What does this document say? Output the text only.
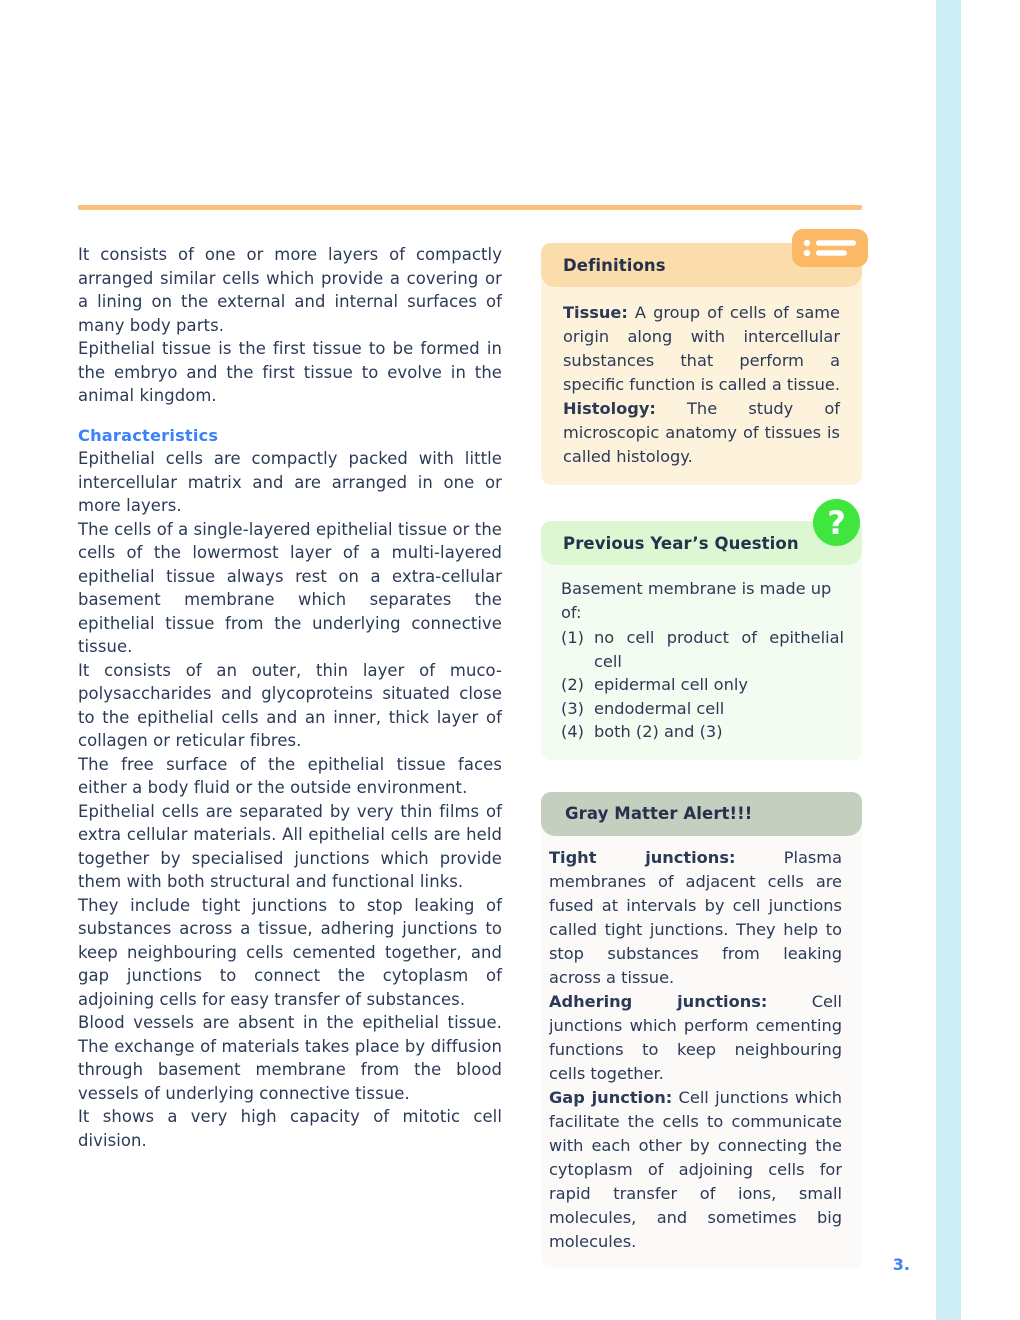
It consists of one or more layers of compactly arranged similar cells which provide a covering or a lining on the external and internal surfaces of many body parts.

Epithelial tissue is the first tissue to be formed in the embryo and the first tissue to evolve in the animal kingdom.

Characteristics

Epithelial cells are compactly packed with little intercellular matrix and are arranged in one or more layers.

The cells of a single-layered epithelial tissue or the cells of the lowermost layer of a multi-layered epithelial tissue always rest on a extra-cellular basement membrane which separates the epithelial tissue from the underlying connective tissue.

It consists of an outer, thin layer of muco-polysaccharides and glycoproteins situated close to the epithelial cells and an inner, thick layer of collagen or reticular fibres.

The free surface of the epithelial tissue faces either a body fluid or the outside environment.

Epithelial cells are separated by very thin films of extra cellular materials. All epithelial cells are held together by specialised junctions which provide them with both structural and functional links.

They include tight junctions to stop leaking of substances across a tissue, adhering junctions to keep neighbouring cells cemented together, and gap junctions to connect the cytoplasm of adjoining cells for easy transfer of substances.

Blood vessels are absent in the epithelial tissue. The exchange of materials takes place by diffusion through basement membrane from the blood vessels of underlying connective tissue.

It shows a very high capacity of mitotic cell division.

Definitions

Tissue: A group of cells of same origin along with intercellular substances that perform a specific function is called a tissue.

Histology: The study of microscopic anatomy of tissues is called histology.

Previous Year’s Question
?

Basement membrane is made up of:

(1) no cell product of epithelial cell
(2) epidermal cell only
(3) endodermal cell
(4) both (2) and (3)
Gray Matter Alert!!!

Tight junctions: Plasma membranes of adjacent cells are fused at intervals by cell junctions called tight junctions. They help to stop substances from leaking across a tissue.

Adhering junctions: Cell junctions which perform cementing functions to keep neighbouring cells together.

Gap junction: Cell junctions which facilitate the cells to communicate with each other by connecting the cytoplasm of adjoining cells for rapid transfer of ions, small molecules, and sometimes big molecules.

3.
